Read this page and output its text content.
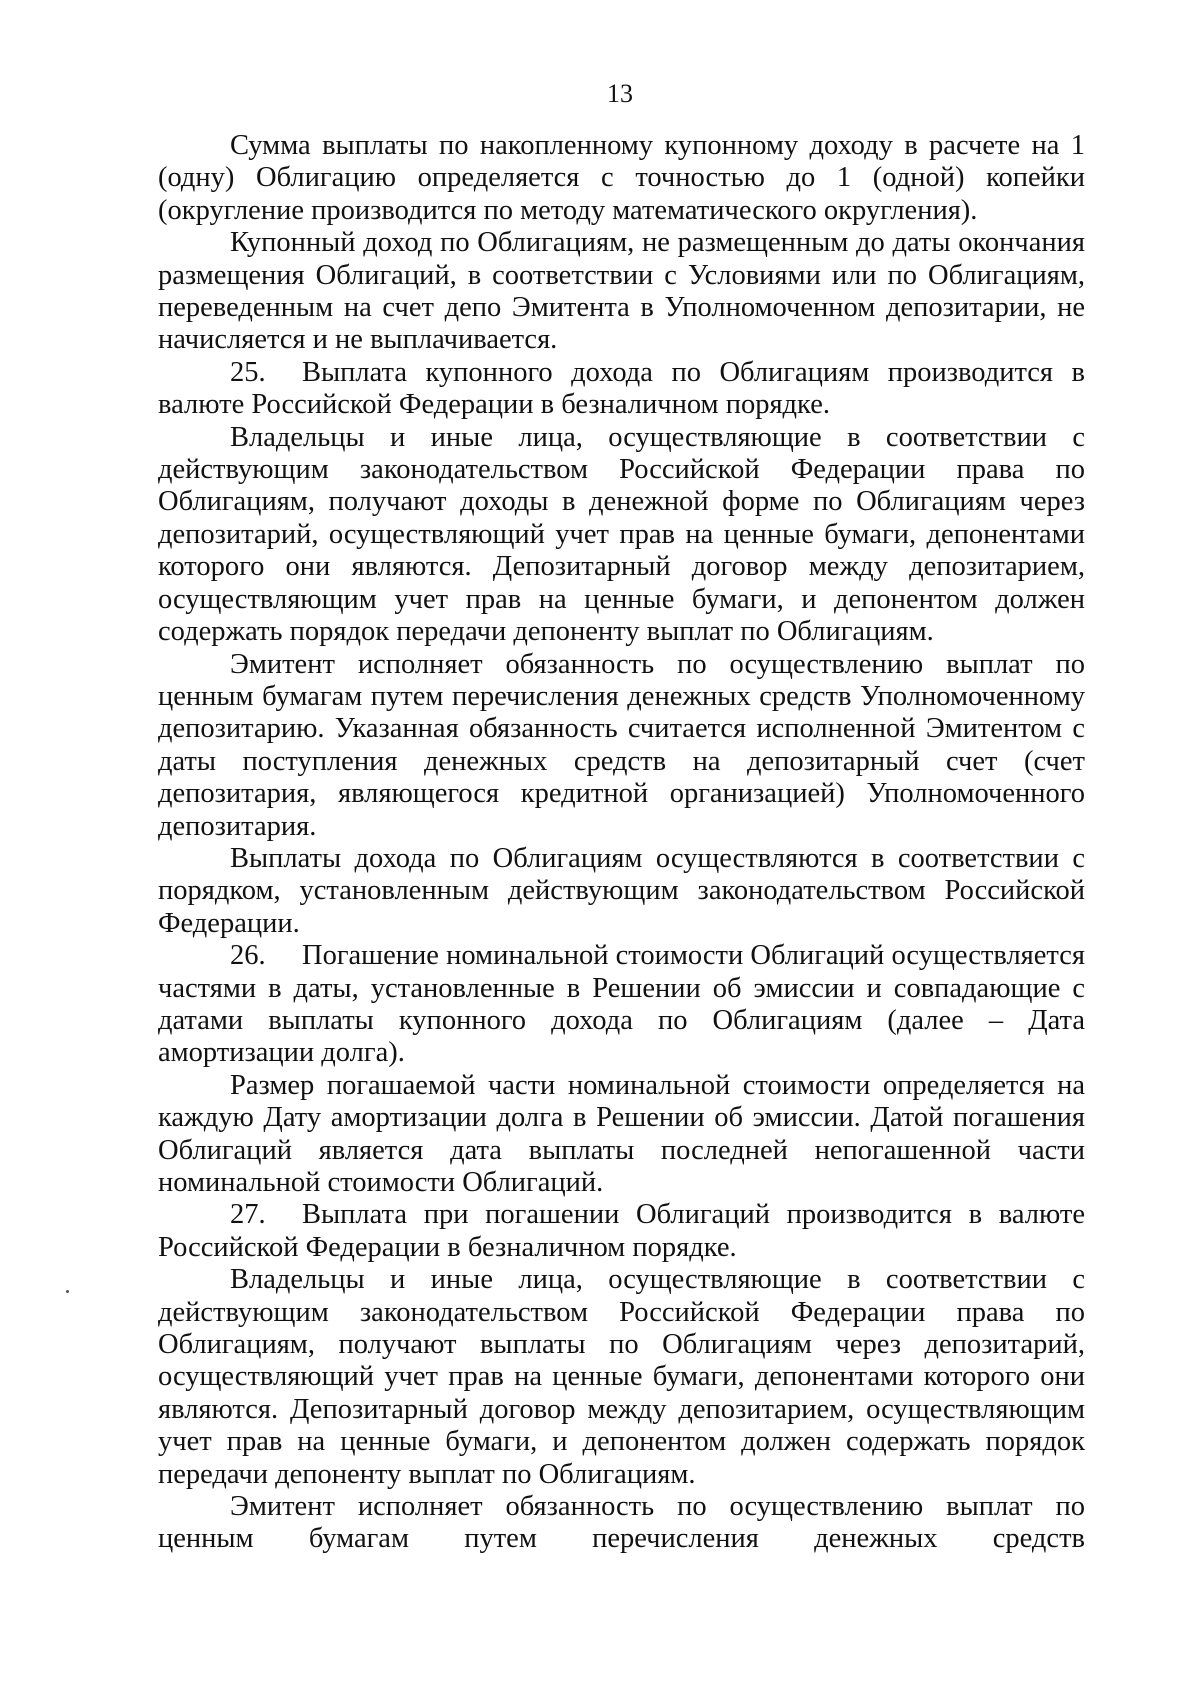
13

Сумма выплаты по накопленному купонному доходу в расчете на 1 (одну) Облигацию определяется с точностью до 1 (одной) копейки (округление производится по методу математического округления).

Купонный доход по Облигациям, не размещенным до даты окончания размещения Облигаций, в соответствии с Условиями или по Облигациям, переведенным на счет депо Эмитента в Уполномоченном депозитарии, не начисляется и не выплачивается.

25. Выплата купонного дохода по Облигациям производится в валюте Российской Федерации в безналичном порядке.

Владельцы и иные лица, осуществляющие в соответствии с действующим законодательством Российской Федерации права по Облигациям, получают доходы в денежной форме по Облигациям через депозитарий, осуществляющий учет прав на ценные бумаги, депонентами которого они являются. Депозитарный договор между депозитарием, осуществляющим учет прав на ценные бумаги, и депонентом должен содержать порядок передачи депоненту выплат по Облигациям.

Эмитент исполняет обязанность по осуществлению выплат по ценным бумагам путем перечисления денежных средств Уполномоченному депозитарию. Указанная обязанность считается исполненной Эмитентом с даты поступления денежных средств на депозитарный счет (счет депозитария, являющегося кредитной организацией) Уполномоченного депозитария.

Выплаты дохода по Облигациям осуществляются в соответствии с порядком, установленным действующим законодательством Российской Федерации.

26. Погашение номинальной стоимости Облигаций осуществляется частями в даты, установленные в Решении об эмиссии и совпадающие с датами выплаты купонного дохода по Облигациям (далее – Дата амортизации долга).

Размер погашаемой части номинальной стоимости определяется на каждую Дату амортизации долга в Решении об эмиссии. Датой погашения Облигаций является дата выплаты последней непогашенной части номинальной стоимости Облигаций.

27. Выплата при погашении Облигаций производится в валюте Российской Федерации в безналичном порядке.

Владельцы и иные лица, осуществляющие в соответствии с действующим законодательством Российской Федерации права по Облигациям, получают выплаты по Облигациям через депозитарий, осуществляющий учет прав на ценные бумаги, депонентами которого они являются. Депозитарный договор между депозитарием, осуществляющим учет прав на ценные бумаги, и депонентом должен содержать порядок передачи депоненту выплат по Облигациям.

Эмитент исполняет обязанность по осуществлению выплат по ценным бумагам путем перечисления денежных средств
